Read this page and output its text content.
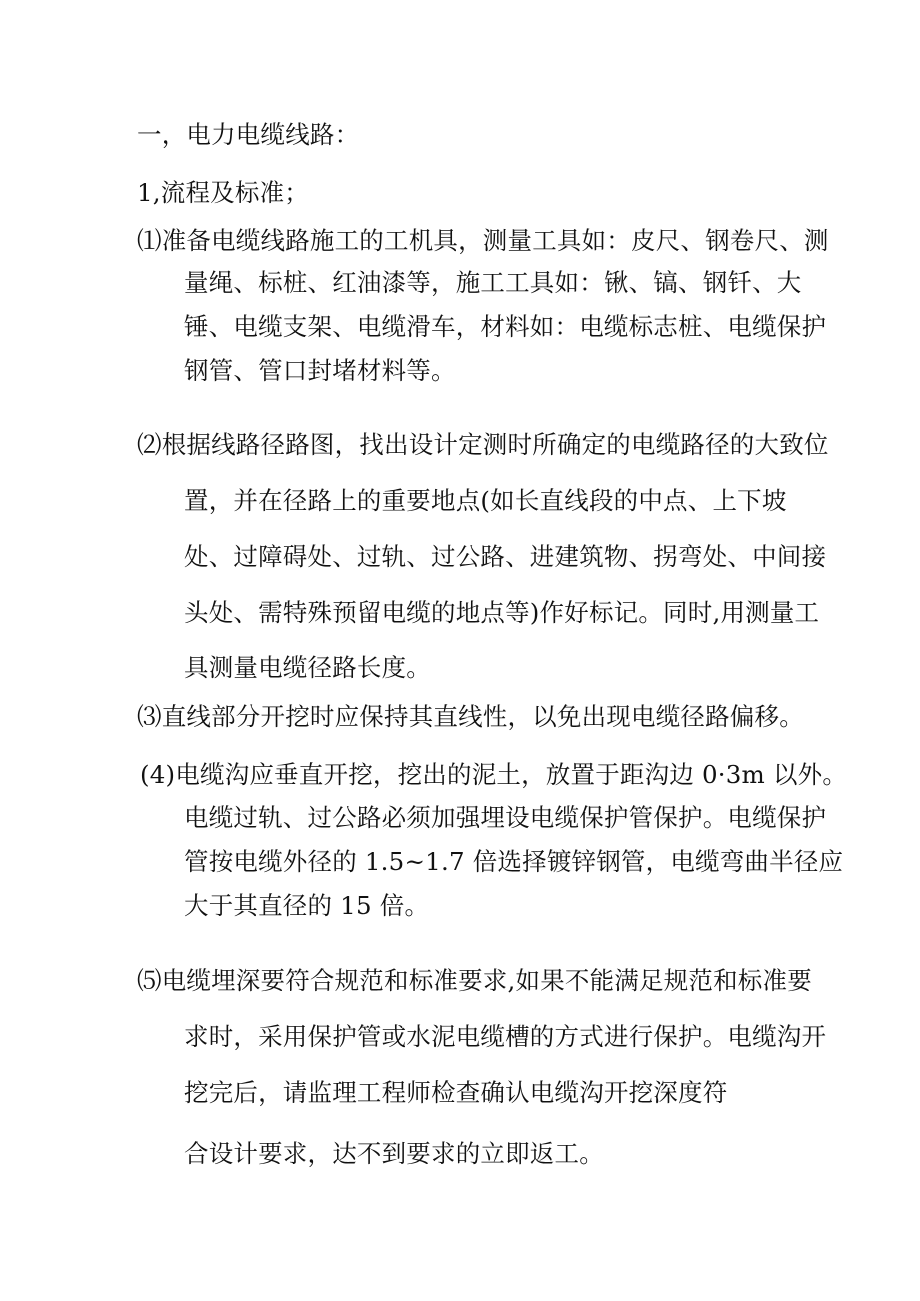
一，电力电缆线路：
1,流程及标准；
⑴准备电缆线路施工的工机具，测量工具如：皮尺、钢卷尺、测
量绳、标桩、红油漆等，施工工具如：锹、镐、钢钎、大
锤、电缆支架、电缆滑车，材料如：电缆标志桩、电缆保护
钢管、管口封堵材料等。
⑵根据线路径路图，找出设计定测时所确定的电缆路径的大致位
置，并在径路上的重要地点(如长直线段的中点、上下坡
处、过障碍处、过轨、过公路、进建筑物、拐弯处、中间接
头处、需特殊预留电缆的地点等)作好标记。同时,用测量工
具测量电缆径路长度。
⑶直线部分开挖时应保持其直线性，以免出现电缆径路偏移。
(4)电缆沟应垂直开挖，挖出的泥土，放置于距沟边 0·3m 以外。
电缆过轨、过公路必须加强埋设电缆保护管保护。电缆保护
管按电缆外径的 1.5~1.7 倍选择镀锌钢管，电缆弯曲半径应
大于其直径的 15 倍。
⑸电缆埋深要符合规范和标准要求,如果不能满足规范和标准要
求时，采用保护管或水泥电缆槽的方式进行保护。电缆沟开
挖完后，请监理工程师检查确认电缆沟开挖深度符
合设计要求，达不到要求的立即返工。
